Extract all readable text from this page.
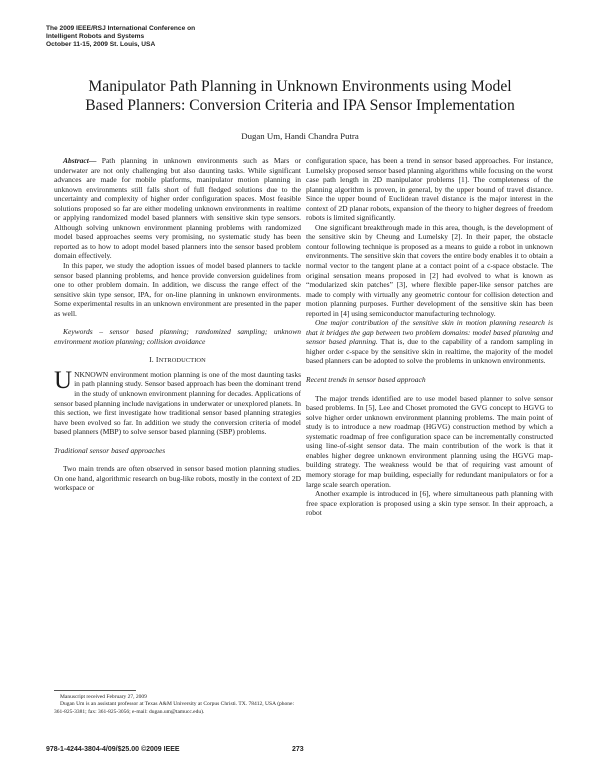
The 2009 IEEE/RSJ International Conference on
Intelligent Robots and Systems
October 11-15, 2009 St. Louis, USA
Manipulator Path Planning in Unknown Environments using Model
Based Planners: Conversion Criteria and IPA Sensor Implementation
Dugan Um, Handi Chandra Putra

Abstract— Path planning in unknown environments such as Mars or underwater are not only challenging but also daunting tasks. While significant advances are made for mobile platforms, manipulator motion planning in unknown environments still falls short of full fledged solutions due to the uncertainty and complexity of higher order configuration spaces. Most feasible solutions proposed so far are either modeling unknown environments in realtime or applying randomized model based planners with sensitive skin type sensors. Although solving unknown environment planning problems with randomized model based approaches seems very promising, no systematic study has been reported as to how to adopt model based planners into the sensor based problem domain effectively.

In this paper, we study the adoption issues of model based planners to tackle sensor based planning problems, and hence provide conversion guidelines from one to other problem domain. In addition, we discuss the range effect of the sensitive skin type sensor, IPA, for on-line planning in unknown environments. Some experimental results in an unknown environment are presented in the paper as well.

Keywords – sensor based planning; randomized sampling; unknown environment motion planning; collision avoidance

I. INTRODUCTION

UNKNOWN environment motion planning is one of the most daunting tasks in path planning study. Sensor based approach has been the dominant trend in the study of unknown environment planning for decades. Applications of sensor based planning include navigations in underwater or unexplored planets. In this section, we first investigate how traditional sensor based planning strategies have been evolved so far. In addition we study the conversion criteria of model based planners (MBP) to solve sensor based planning (SBP) problems.

Traditional sensor based approaches

Two main trends are often observed in sensor based motion planning studies. On one hand, algorithmic research on bug-like robots, mostly in the context of 2D workspace or

configuration space, has been a trend in sensor based approaches. For instance, Lumelsky proposed sensor based planning algorithms while focusing on the worst case path length in 2D manipulator problems [1]. The completeness of the planning algorithm is proven, in general, by the upper bound of travel distance. Since the upper bound of Euclidean travel distance is the major interest in the context of 2D planar robots, expansion of the theory to higher degrees of freedom robots is limited significantly.

One significant breakthrough made in this area, though, is the development of the sensitive skin by Cheung and Lumelsky [2]. In their paper, the obstacle contour following technique is proposed as a means to guide a robot in unknown environments. The sensitive skin that covers the entire body enables it to obtain a normal vector to the tangent plane at a contact point of a c-space obstacle. The original sensation means proposed in [2] had evolved to what is known as “modularized skin patches” [3], where flexible paper-like sensor patches are made to comply with virtually any geometric contour for collision detection and motion planning purposes. Further development of the sensitive skin has been reported in [4] using semiconductor manufacturing technology.

One major contribution of the sensitive skin in motion planning research is that it bridges the gap between two problem domains: model based planning and sensor based planning. That is, due to the capability of a random sampling in higher order c-space by the sensitive skin in realtime, the majority of the model based planners can be adopted to solve the problems in unknown environments.

Recent trends in sensor based approach

The major trends identified are to use model based planner to solve sensor based problems. In [5], Lee and Choset promoted the GVG concept to HGVG to solve higher order unknown environment planning problems. The main point of study is to introduce a new roadmap (HGVG) construction method by which a systematic roadmap of free configuration space can be incrementally constructed using line-of-sight sensor data. The main contribution of the work is that it enables higher degree unknown environment planning using the HGVG map-building strategy. The weakness would be that of requiring vast amount of memory storage for map building, especially for redundant manipulators or for a large scale search operation.

Another example is introduced in [6], where simultaneous path planning with free space exploration is proposed using a skin type sensor. In their approach, a robot

Manuscript received February 27, 2009

Dugan Um is an assistant professor at Texas A&M University at Corpus Christi. TX. 78412, USA (phone: 361-825-3381; fax: 361-825-3056; e-mail: dugan.um@tamucc.edu).

978-1-4244-3804-4/09/$25.00 ©2009 IEEE	273
